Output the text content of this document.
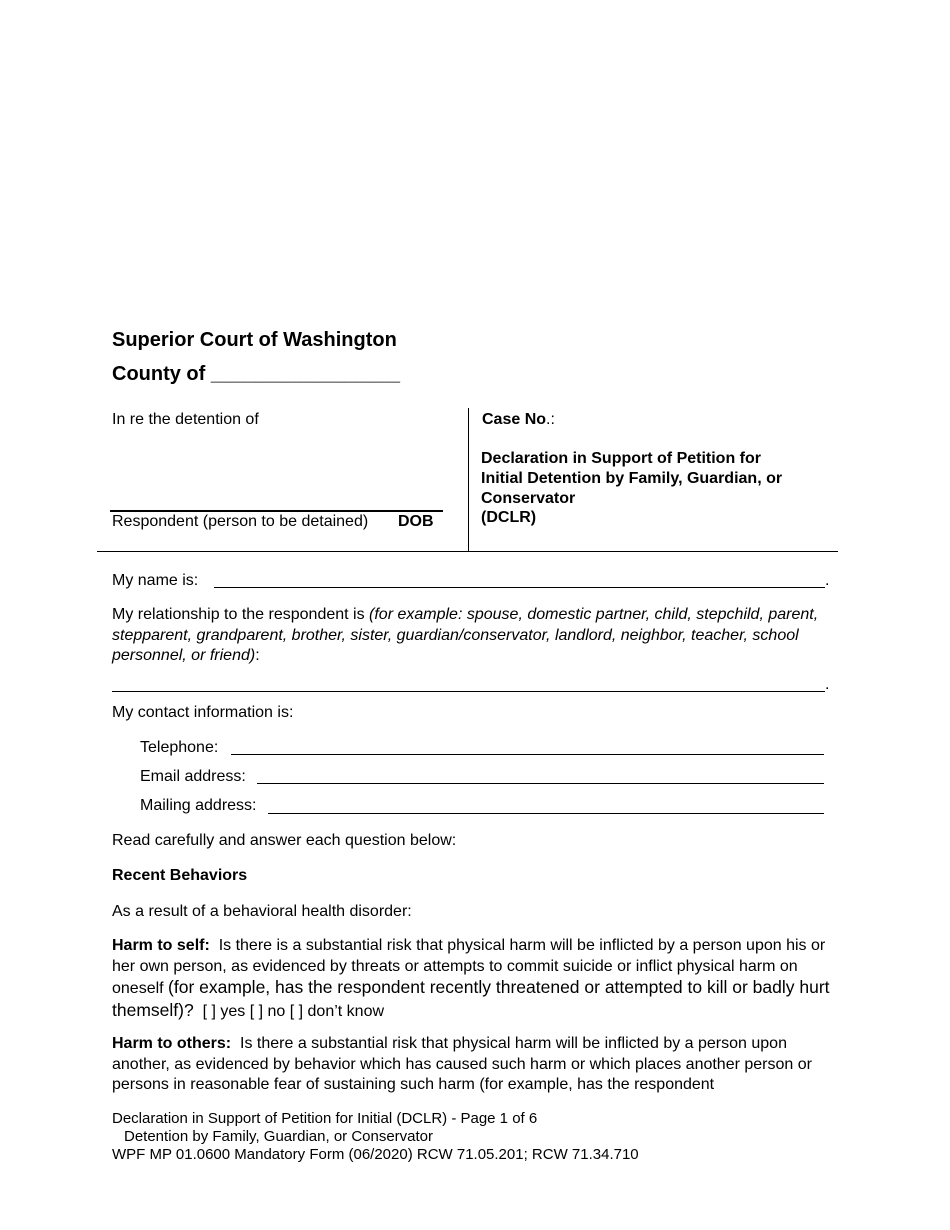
Superior Court of Washington
County of _________________
In re the detention of
Respondent (person to be detained) DOB
Case No.:
Declaration in Support of Petition for
Initial Detention by Family, Guardian, or
Conservator
(DCLR)
My name is:	.
My relationship to the respondent is (for example: spouse, domestic partner, child, stepchild, parent, stepparent, grandparent, brother, sister, guardian/conservator, landlord, neighbor, teacher, school personnel, or friend):
.
My contact information is:
Telephone:
Email address:
Mailing address:
Read carefully and answer each question below:
Recent Behaviors
As a result of a behavioral health disorder:
Harm to self: Is there is a substantial risk that physical harm will be inflicted by a person upon his or her own person, as evidenced by threats or attempts to commit suicide or inflict physical harm on oneself (for example, has the respondent recently threatened or attempted to kill or badly hurt themself)? [ ] yes [ ] no [ ] don’t know
Harm to others: Is there a substantial risk that physical harm will be inflicted by a person upon another, as evidenced by behavior which has caused such harm or which places another person or persons in reasonable fear of sustaining such harm (for example, has the respondent
Declaration in Support of Petition for Initial (DCLR) - Page 1 of 6
Detention by Family, Guardian, or Conservator
WPF MP 01.0600 Mandatory Form (06/2020) RCW 71.05.201; RCW 71.34.710
